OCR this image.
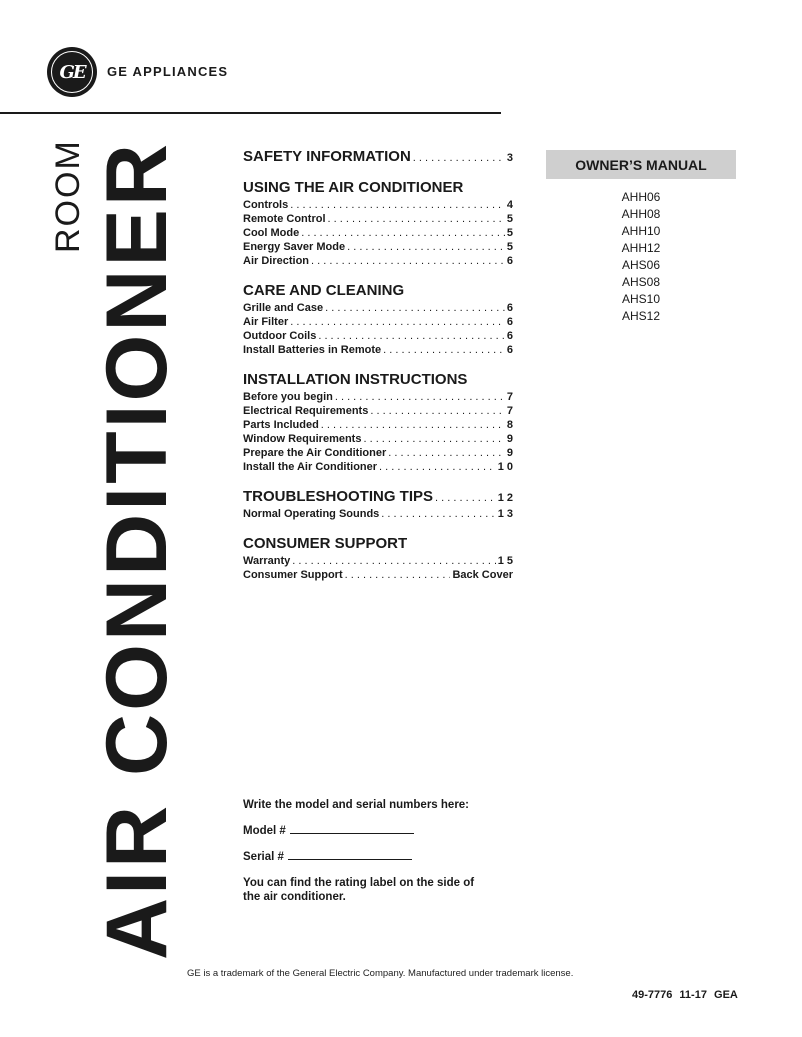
GE	GE APPLIANCES
ROOM AIR CONDITIONER	SAFETY INFORMATION . . .	3
USING THE AIR CONDITIONER
Controls . . .	4
Remote Control . . .	5
Cool Mode . . .	5
Energy Saver Mode . . .	5
Air Direction . . .	6
CARE AND CLEANING
Grille and Case . . .	6
Air Filter . . .	6
Outdoor Coils . . .	6
Install Batteries in Remote . . .	6
INSTALLATION INSTRUCTIONS
Before you begin . . .	7
Electrical Requirements . . .	7
Parts Included . . .	8
Window Requirements . . .	9
Prepare the Air Conditioner . . .	9
Install the Air Conditioner . . .	1 0
TROUBLESHOOTING TIPS . . .	1 2
Normal Operating Sounds . . .	1 3
CONSUMER SUPPORT
Warranty . . .	1 5
Consumer Support . . .	Back Cover
OWNER’S MANUAL
AHH06
AHH08
AHH10
AHH12
AHS06
AHS08
AHS10
AHS12

Write the model and serial numbers here:

Model #

Serial #

You can find the rating label on the side of the air conditioner.

GE is a trademark of the General Electric Company. Manufactured under trademark license.
49-7776 11-17 GEA
